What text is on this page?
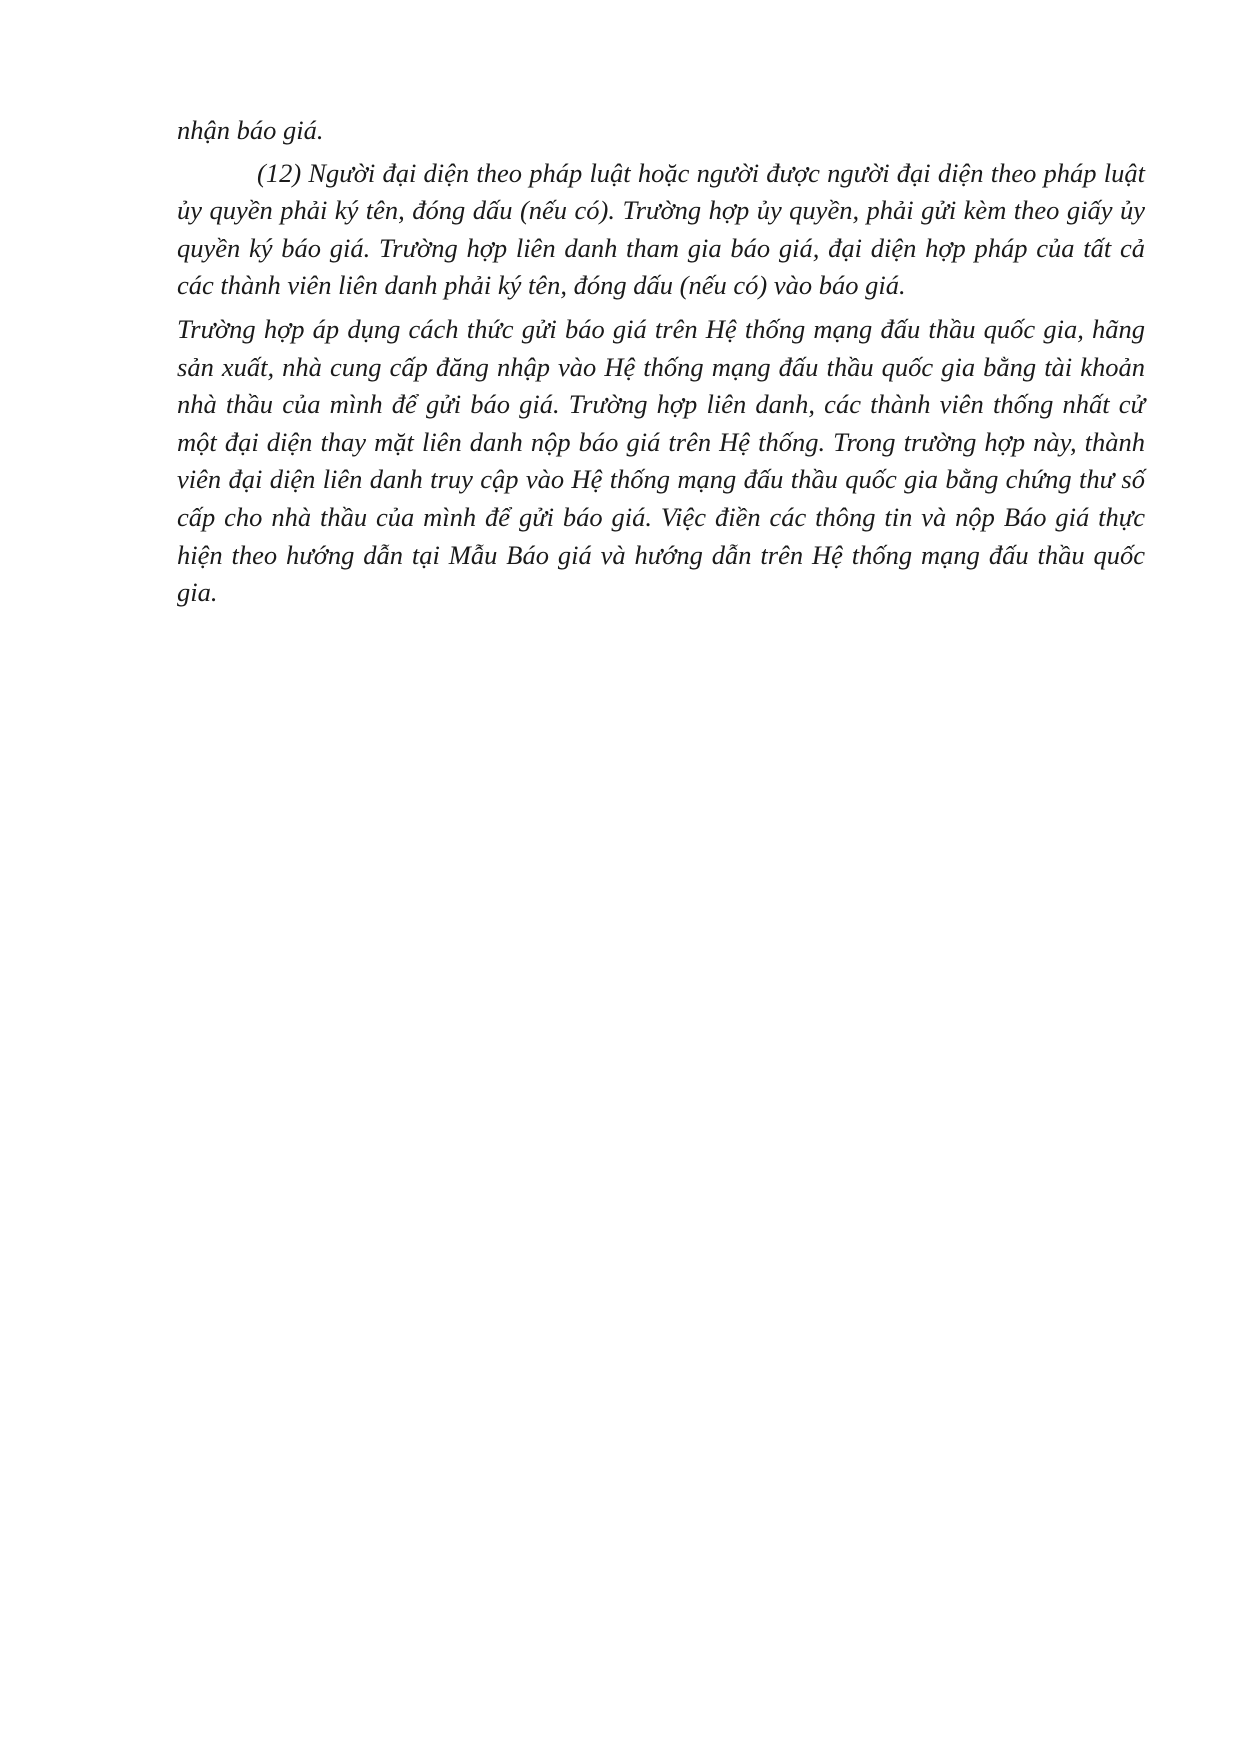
nhận báo giá.

(12) Người đại diện theo pháp luật hoặc người được người đại diện theo pháp luật ủy quyền phải ký tên, đóng dấu (nếu có). Trường hợp ủy quyền, phải gửi kèm theo giấy ủy quyền ký báo giá. Trường hợp liên danh tham gia báo giá, đại diện hợp pháp của tất cả các thành viên liên danh phải ký tên, đóng dấu (nếu có) vào báo giá.

Trường hợp áp dụng cách thức gửi báo giá trên Hệ thống mạng đấu thầu quốc gia, hãng sản xuất, nhà cung cấp đăng nhập vào Hệ thống mạng đấu thầu quốc gia bằng tài khoản nhà thầu của mình để gửi báo giá. Trường hợp liên danh, các thành viên thống nhất cử một đại diện thay mặt liên danh nộp báo giá trên Hệ thống. Trong trường hợp này, thành viên đại diện liên danh truy cập vào Hệ thống mạng đấu thầu quốc gia bằng chứng thư số cấp cho nhà thầu của mình để gửi báo giá. Việc điền các thông tin và nộp Báo giá thực hiện theo hướng dẫn tại Mẫu Báo giá và hướng dẫn trên Hệ thống mạng đấu thầu quốc gia.
